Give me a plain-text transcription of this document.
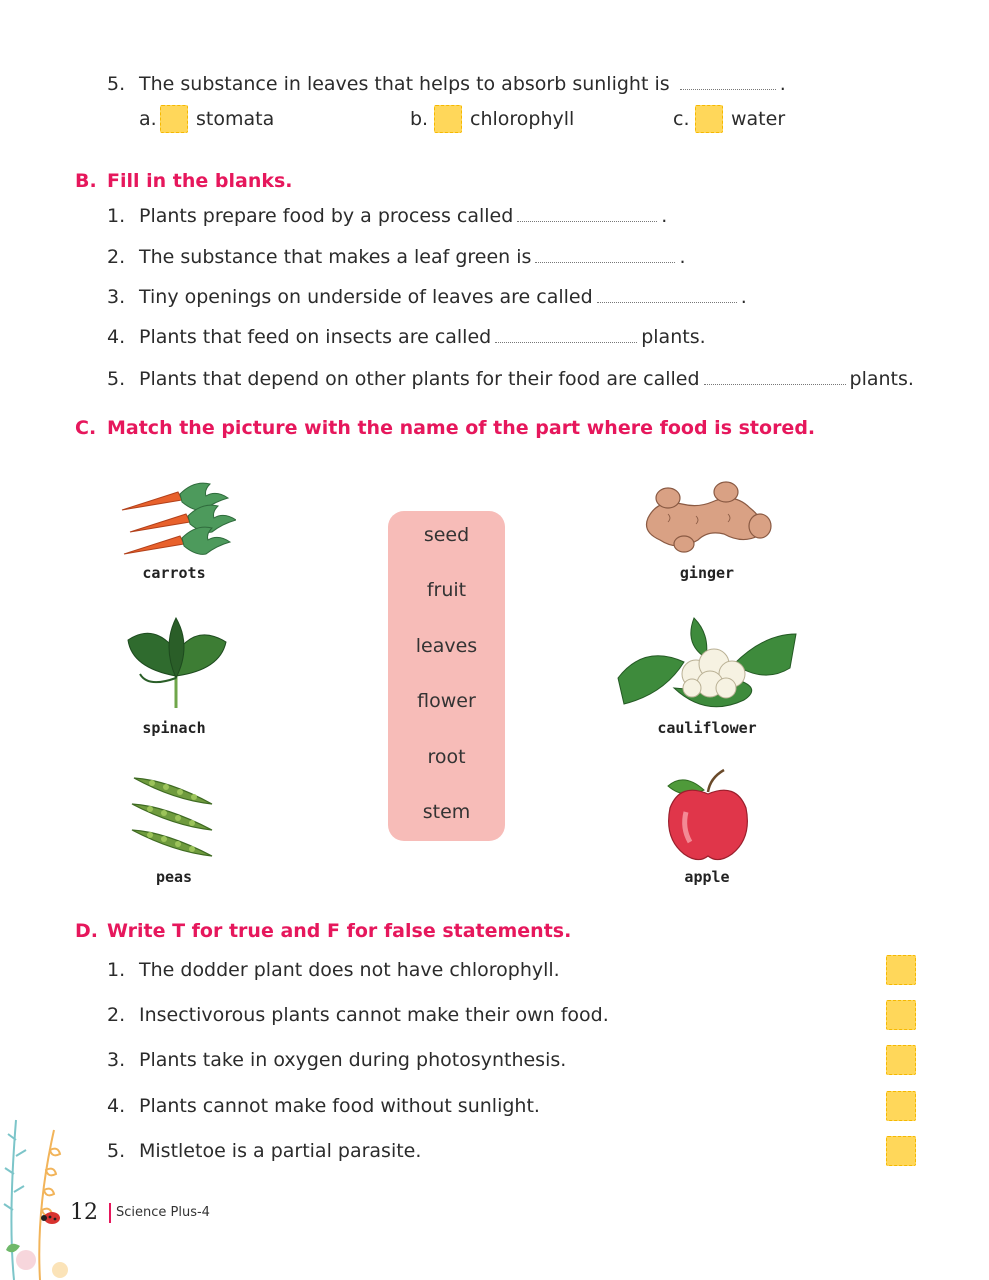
5. The substance in leaves that helps to absorb sunlight is	.
a. stomata	b. chlorophyll	c. water
B. Fill in the blanks.
1. Plants prepare food by a process called	.
2. The substance that makes a leaf green is	.
3. Tiny openings on underside of leaves are called	.
4. Plants that feed on insects are called	plants.
5. Plants that depend on other plants for their food are called	plants.
C. Match the picture with the name of the part where food is stored.
carrots
spinach
peas
seed
fruit
leaves
flower
root
stem
ginger
cauliflower
apple
D. Write T for true and F for false statements.
1. The dodder plant does not have chlorophyll.
2. Insectivorous plants cannot make their own food.
3. Plants take in oxygen during photosynthesis.
4. Plants cannot make food without sunlight.
5. Mistletoe is a partial parasite.
12 Science Plus-4
